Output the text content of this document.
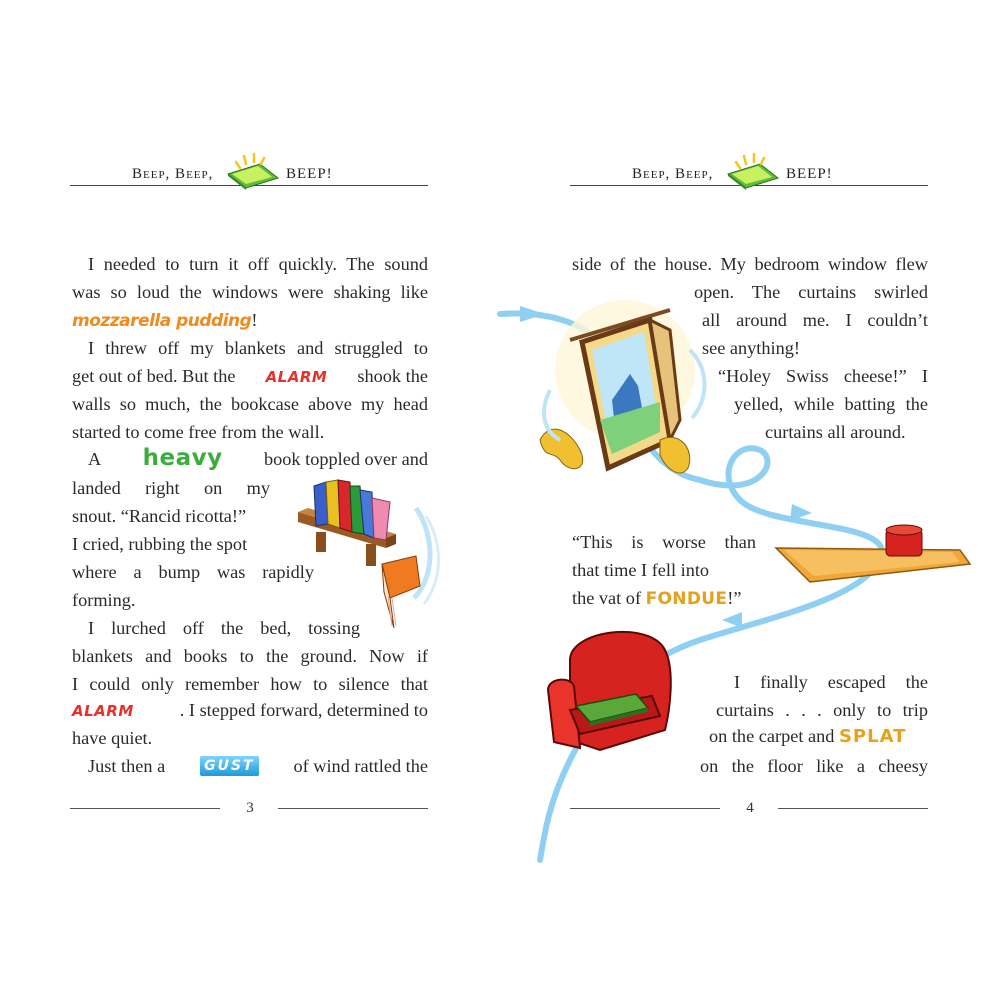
Beep, Beep,	BEEP!
I needed to turn it off quickly. The sound
was so loud the windows were shaking like
mozzarella pudding!
I threw off my blankets and struggled to
get out of bed. But the ALARM shook the
walls so much, the bookcase above my head
started to come free from the wall.
A heavy book toppled over and
landed right on my
snout. “Rancid ricotta!”
I cried, rubbing the spot
where a bump was rapidly
forming.
I lurched off the bed, tossing
blankets and books to the ground. Now if
I could only remember how to silence that
ALARM	. I stepped forward, determined to
have quiet.
Just then a	GUST of wind rattled the
3
Beep, Beep,	BEEP!
side of the house. My bedroom window flew
open. The curtains swirled
all around me. I couldn’t
see anything!
“Holey Swiss cheese!” I
yelled, while batting the
curtains all around.
“This is worse than
that time I fell into
the vat of FONDUE!”
I finally escaped the
curtains . . . only to trip
on the carpet and SPLAT
on the floor like a cheesy
4
